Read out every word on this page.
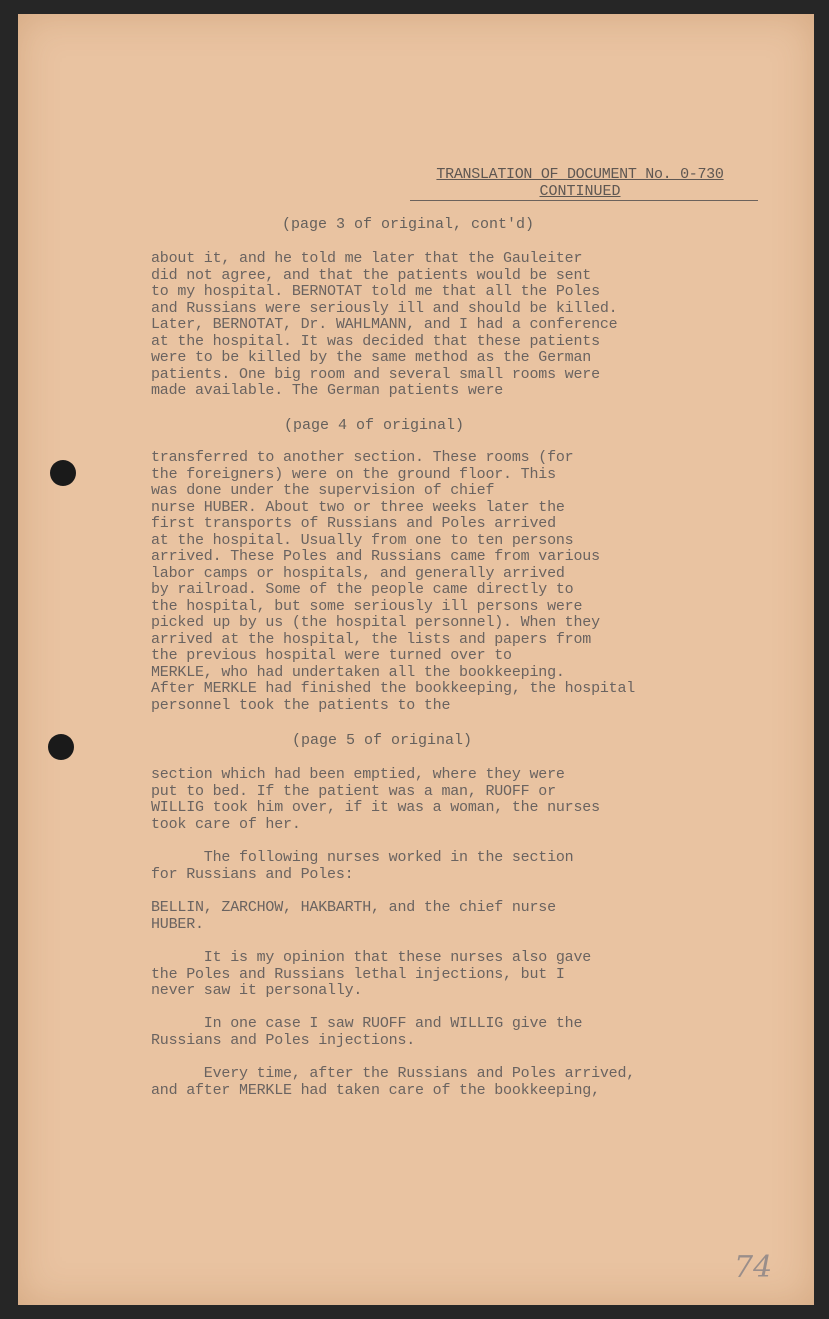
TRANSLATION OF DOCUMENT No. 0-730
CONTINUED
(page 3 of original, cont'd)
about it, and he told me later that the Gauleiter
did not agree, and that the patients would be sent
to my hospital. BERNOTAT told me that all the Poles
and Russians were seriously ill and should be killed.
Later, BERNOTAT, Dr. WAHLMANN, and I had a conference
at the hospital. It was decided that these patients
were to be killed by the same method as the German
patients. One big room and several small rooms were
made available. The German patients were
(page 4 of original)
transferred to another section. These rooms (for
the foreigners) were on the ground floor. This
was done under the supervision of chief
nurse HUBER. About two or three weeks later the
first transports of Russians and Poles arrived
at the hospital. Usually from one to ten persons
arrived. These Poles and Russians came from various
labor camps or hospitals, and generally arrived
by railroad. Some of the people came directly to
the hospital, but some seriously ill persons were
picked up by us (the hospital personnel). When they
arrived at the hospital, the lists and papers from
the previous hospital were turned over to
MERKLE, who had undertaken all the bookkeeping.
After MERKLE had finished the bookkeeping, the hospital
personnel took the patients to the
(page 5 of original)
section which had been emptied, where they were
put to bed. If the patient was a man, RUOFF or
WILLIG took him over, if it was a woman, the nurses
took care of her.
The following nurses worked in the section
for Russians and Poles:
BELLIN, ZARCHOW, HAKBARTH, and the chief nurse
HUBER.
It is my opinion that these nurses also gave
the Poles and Russians lethal injections, but I
never saw it personally.
In one case I saw RUOFF and WILLIG give the
Russians and Poles injections.
Every time, after the Russians and Poles arrived,
and after MERKLE had taken care of the bookkeeping,
74
